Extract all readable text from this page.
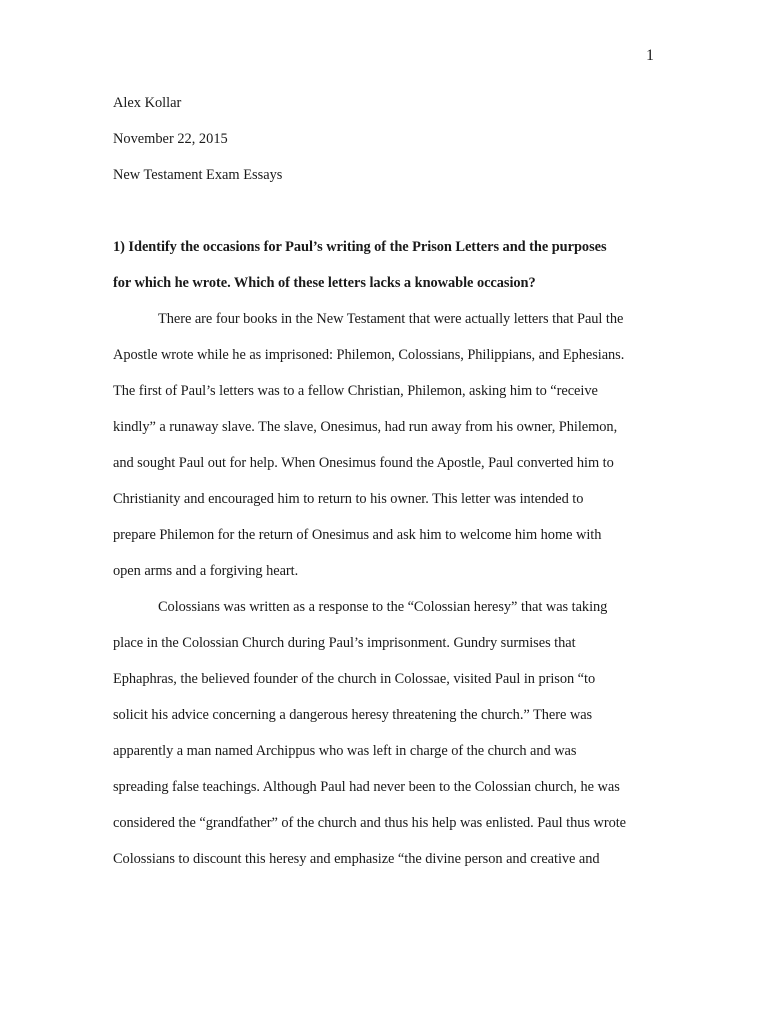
1
Alex Kollar
November 22, 2015
New Testament Exam Essays
1) Identify the occasions for Paul’s writing of the Prison Letters and the purposes
for which he wrote. Which of these letters lacks a knowable occasion?
There are four books in the New Testament that were actually letters that Paul the
Apostle wrote while he as imprisoned: Philemon, Colossians, Philippians, and Ephesians.
The first of Paul’s letters was to a fellow Christian, Philemon, asking him to “receive
kindly” a runaway slave. The slave, Onesimus, had run away from his owner, Philemon,
and sought Paul out for help. When Onesimus found the Apostle, Paul converted him to
Christianity and encouraged him to return to his owner. This letter was intended to
prepare Philemon for the return of Onesimus and ask him to welcome him home with
open arms and a forgiving heart.
Colossians was written as a response to the “Colossian heresy” that was taking
place in the Colossian Church during Paul’s imprisonment. Gundry surmises that
Ephaphras, the believed founder of the church in Colossae, visited Paul in prison “to
solicit his advice concerning a dangerous heresy threatening the church.” There was
apparently a man named Archippus who was left in charge of the church and was
spreading false teachings. Although Paul had never been to the Colossian church, he was
considered the “grandfather” of the church and thus his help was enlisted. Paul thus wrote
Colossians to discount this heresy and emphasize “the divine person and creative and
